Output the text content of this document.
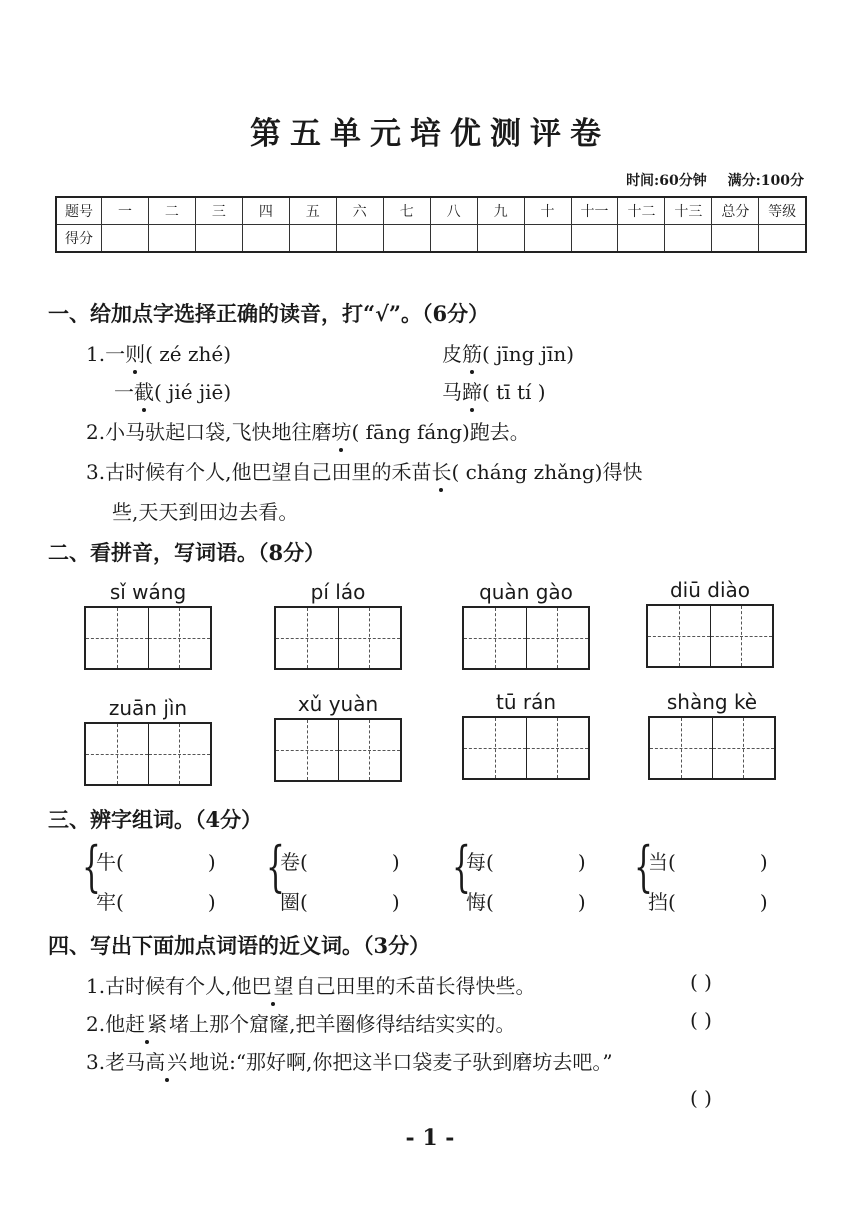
第五单元培优测评卷
时间:60分钟 满分:100分
题号	一	二	三	四	五	六	七	八	九	十	十一	十二	十三	总分	等级
得分															
一、给加点字选择正确的读音，打“√”。（6分）
1.一则( zé zhé)	皮筋( jīng jīn)
一截( jié jiē)	马蹄( tī tí )
2.小马驮起口袋,飞快地往磨坊( fāng fáng)跑去。
3.古时候有个人,他巴望自己田里的禾苗长( cháng zhǎng)得快
些,天天到田边去看。
二、看拼音，写词语。（8分）
sǐ wáng	pí láo	quàn gào	diū diào
zuān jìn	xǔ yuàn	tū rán	shàng kè
三、辨字组词。（4分）
{
牛(	)
牢(	)
{
卷(	)
圈(	)
{
每(	)
悔(	)
{
当(	)
挡(	)
四、写出下面加点词语的近义词。（3分）
1.古时候有个人,他巴望自己田里的禾苗长得快些。	( )
2.他赶紧堵上那个窟窿,把羊圈修得结结实实的。	( )
3.老马高兴地说:“那好啊,你把这半口袋麦子驮到磨坊去吧。”
( )
- 1 -
